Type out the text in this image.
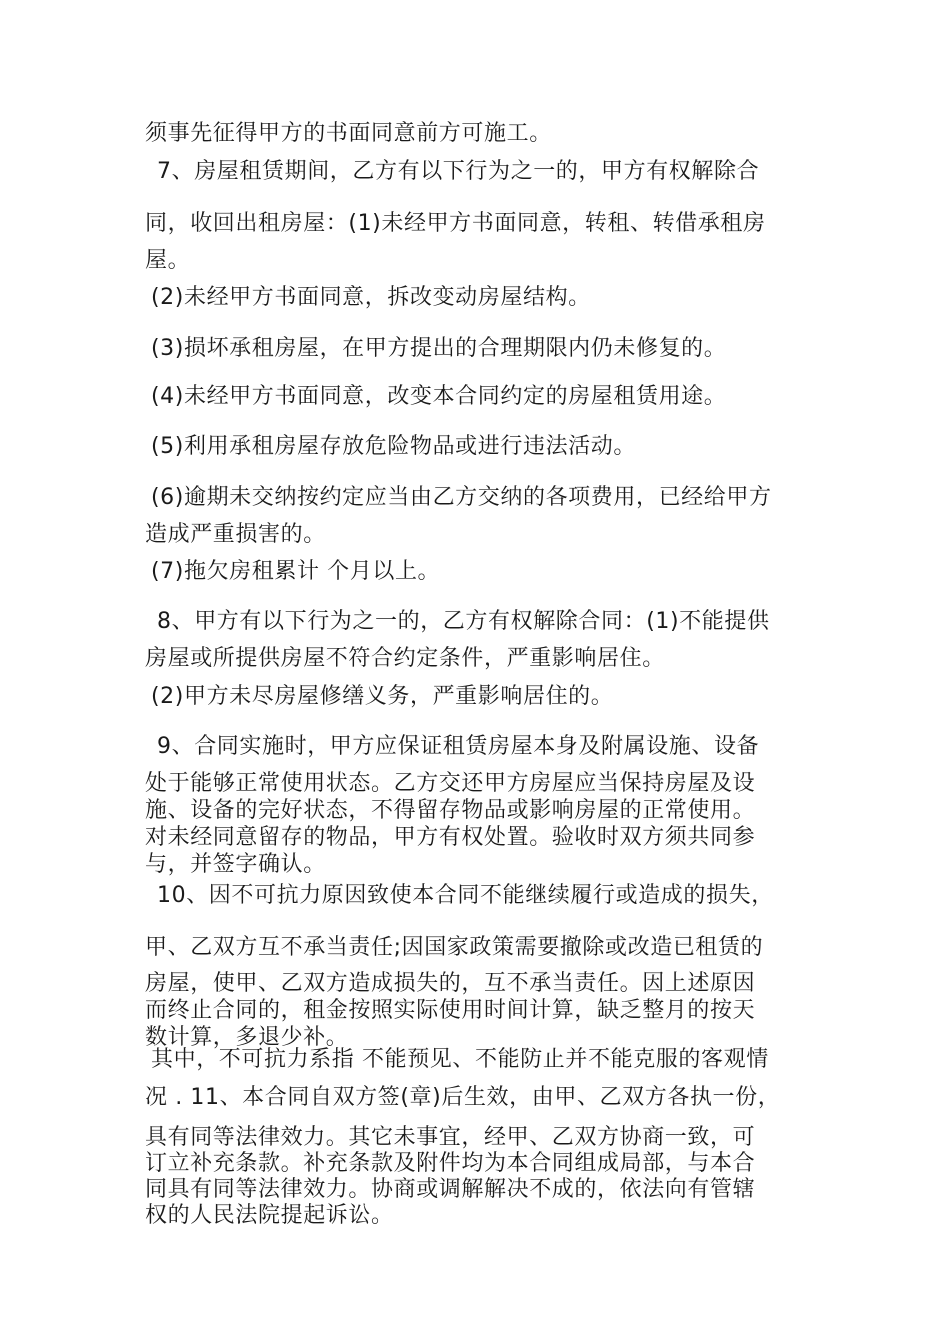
须事先征得甲方的书面同意前方可施工。
7、房屋租赁期间，乙方有以下行为之一的，甲方有权解除合
同，收回出租房屋：(1)未经甲方书面同意，转租、转借承租房
屋。
(2)未经甲方书面同意，拆改变动房屋结构。
(3)损坏承租房屋，在甲方提出的合理期限内仍未修复的。
(4)未经甲方书面同意，改变本合同约定的房屋租赁用途。
(5)利用承租房屋存放危险物品或进行违法活动。
(6)逾期未交纳按约定应当由乙方交纳的各项费用，已经给甲方
造成严重损害的。
(7)拖欠房租累计 个月以上。
8、甲方有以下行为之一的，乙方有权解除合同：(1)不能提供
房屋或所提供房屋不符合约定条件，严重影响居住。
(2)甲方未尽房屋修缮义务，严重影响居住的。
9、合同实施时，甲方应保证租赁房屋本身及附属设施、设备
处于能够正常使用状态。乙方交还甲方房屋应当保持房屋及设
施、设备的完好状态，不得留存物品或影响房屋的正常使用。
对未经同意留存的物品，甲方有权处置。验收时双方须共同参
与，并签字确认。
10、因不可抗力原因致使本合同不能继续履行或造成的损失，
甲、乙双方互不承当责任;因国家政策需要撤除或改造已租赁的
房屋，使甲、乙双方造成损失的，互不承当责任。因上述原因
而终止合同的，租金按照实际使用时间计算，缺乏整月的按天
数计算，多退少补。
其中，不可抗力系指 不能预见、不能防止并不能克服的客观情
况 . 11、本合同自双方签(章)后生效，由甲、乙双方各执一份，
具有同等法律效力。其它未事宜，经甲、乙双方协商一致，可
订立补充条款。补充条款及附件均为本合同组成局部，与本合
同具有同等法律效力。协商或调解解决不成的，依法向有管辖
权的人民法院提起诉讼。
